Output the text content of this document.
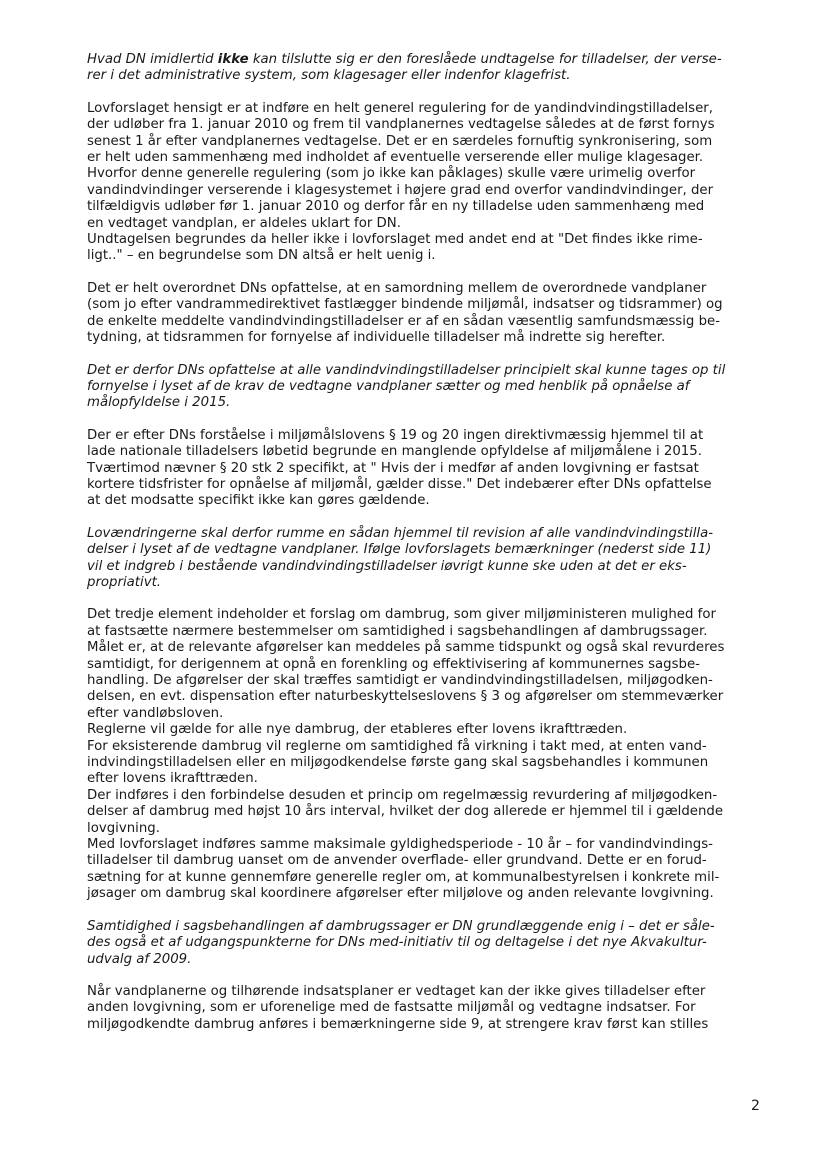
Hvad DN imidlertid ikke kan tilslutte sig er den foreslåede undtagelse for tilladelser, der verse-
rer i det administrative system, som klagesager eller indenfor klagefrist.
Lovforslaget hensigt er at indføre en helt generel regulering for de yandindvindingstilladelser,
der udløber fra 1. januar 2010 og frem til vandplanernes vedtagelse således at de først fornys
senest 1 år efter vandplanernes vedtagelse. Det er en særdeles fornuftig synkronisering, som
er helt uden sammenhæng med indholdet af eventuelle verserende eller mulige klagesager.
Hvorfor denne generelle regulering (som jo ikke kan påklages) skulle være urimelig overfor
vandindvindinger verserende i klagesystemet i højere grad end overfor vandindvindinger, der
tilfældigvis udløber før 1. januar 2010 og derfor får en ny tilladelse uden sammenhæng med
en vedtaget vandplan, er aldeles uklart for DN.
Undtagelsen begrundes da heller ikke i lovforslaget med andet end at "Det findes ikke rime-
ligt.." – en begrundelse som DN altså er helt uenig i.
Det er helt overordnet DNs opfattelse, at en samordning mellem de overordnede vandplaner
(som jo efter vandrammedirektivet fastlægger bindende miljømål, indsatser og tidsrammer) og
de enkelte meddelte vandindvindingstilladelser er af en sådan væsentlig samfundsmæssig be-
tydning, at tidsrammen for fornyelse af individuelle tilladelser må indrette sig herefter.
Det er derfor DNs opfattelse at alle vandindvindingstilladelser principielt skal kunne tages op til
fornyelse i lyset af de krav de vedtagne vandplaner sætter og med henblik på opnåelse af
målopfyldelse i 2015.
Der er efter DNs forståelse i miljømålslovens § 19 og 20 ingen direktivmæssig hjemmel til at
lade nationale tilladelsers løbetid begrunde en manglende opfyldelse af miljømålene i 2015.
Tværtimod nævner § 20 stk 2 specifikt, at " Hvis der i medfør af anden lovgivning er fastsat
kortere tidsfrister for opnåelse af miljømål, gælder disse." Det indebærer efter DNs opfattelse
at det modsatte specifikt ikke kan gøres gældende.
Lovændringerne skal derfor rumme en sådan hjemmel til revision af alle vandindvindingstilla-
delser i lyset af de vedtagne vandplaner. Ifølge lovforslagets bemærkninger (nederst side 11)
vil et indgreb i bestående vandindvindingstilladelser iøvrigt kunne ske uden at det er eks-
propriativt.
Det tredje element indeholder et forslag om dambrug, som giver miljøministeren mulighed for
at fastsætte nærmere bestemmelser om samtidighed i sagsbehandlingen af dambrugssager.
Målet er, at de relevante afgørelser kan meddeles på samme tidspunkt og også skal revurderes
samtidigt, for derigennem at opnå en forenkling og effektivisering af kommunernes sagsbe-
handling. De afgørelser der skal træffes samtidigt er vandindvindingstilladelsen, miljøgodken-
delsen, en evt. dispensation efter naturbeskyttelseslovens § 3 og afgørelser om stemmeværker
efter vandløbsloven.
Reglerne vil gælde for alle nye dambrug, der etableres efter lovens ikrafttræden.
For eksisterende dambrug vil reglerne om samtidighed få virkning i takt med, at enten vand-
indvindingstilladelsen eller en miljøgodkendelse første gang skal sagsbehandles i kommunen
efter lovens ikrafttræden.
Der indføres i den forbindelse desuden et princip om regelmæssig revurdering af miljøgodken-
delser af dambrug med højst 10 års interval, hvilket der dog allerede er hjemmel til i gældende
lovgivning.
Med lovforslaget indføres samme maksimale gyldighedsperiode - 10 år – for vandindvindings-
tilladelser til dambrug uanset om de anvender overflade- eller grundvand. Dette er en forud-
sætning for at kunne gennemføre generelle regler om, at kommunalbestyrelsen i konkrete mil-
jøsager om dambrug skal koordinere afgørelser efter miljølove og anden relevante lovgivning.
Samtidighed i sagsbehandlingen af dambrugssager er DN grundlæggende enig i – det er såle-
des også et af udgangspunkterne for DNs med-initiativ til og deltagelse i det nye Akvakultur-
udvalg af 2009.
Når vandplanerne og tilhørende indsatsplaner er vedtaget kan der ikke gives tilladelser efter
anden lovgivning, som er uforenelige med de fastsatte miljømål og vedtagne indsatser. For
miljøgodkendte dambrug anføres i bemærkningerne side 9, at strengere krav først kan stilles
2
